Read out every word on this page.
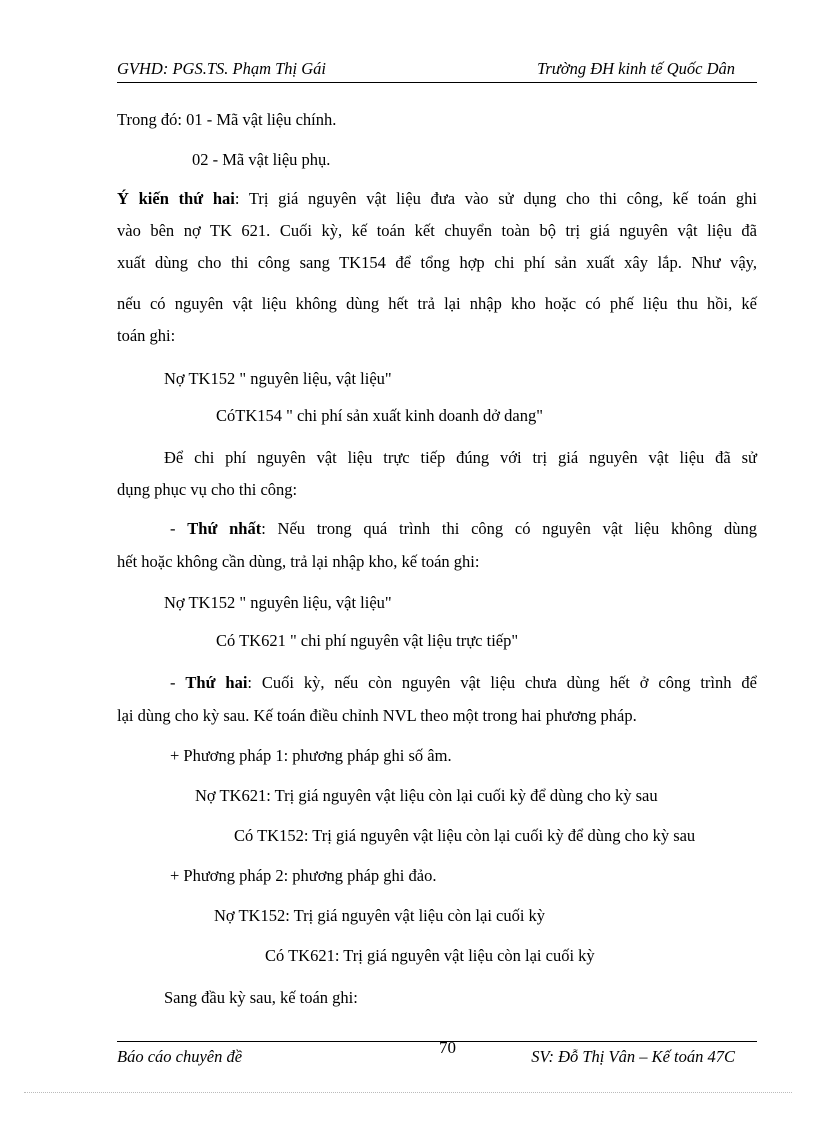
GVHD: PGS.TS. Phạm Thị Gái	Trường ĐH kinh tế Quốc Dân
Trong đó: 01 - Mã vật liệu chính.
02 - Mã vật liệu phụ.
Ý kiến thứ hai: Trị giá nguyên vật liệu đưa vào sử dụng cho thi công, kế toán ghi
vào bên nợ TK 621. Cuối kỳ, kế toán kết chuyển toàn bộ trị giá nguyên vật liệu đã
xuất dùng cho thi công sang TK154 để tổng hợp chi phí sản xuất xây lắp. Như vậy,
nếu có nguyên vật liệu không dùng hết trả lại nhập kho hoặc có phế liệu thu hồi, kế
toán ghi:
Nợ TK152 " nguyên liệu, vật liệu"
CóTK154 " chi phí sản xuất kinh doanh dở dang"
Để chi phí nguyên vật liệu trực tiếp đúng với trị giá nguyên vật liệu đã sử
dụng phục vụ cho thi công:
- Thứ nhất: Nếu trong quá trình thi công có nguyên vật liệu không dùng
hết hoặc không cần dùng, trả lại nhập kho, kế toán ghi:
Nợ TK152 " nguyên liệu, vật liệu"
Có TK621 " chi phí nguyên vật liệu trực tiếp"
- Thứ hai: Cuối kỳ, nếu còn nguyên vật liệu chưa dùng hết ở công trình để
lại dùng cho kỳ sau. Kế toán điều chỉnh NVL theo một trong hai phương pháp.
+ Phương pháp 1: phương pháp ghi số âm.
Nợ TK621: Trị giá nguyên vật liệu còn lại cuối kỳ để dùng cho kỳ sau
Có TK152: Trị giá nguyên vật liệu còn lại cuối kỳ để dùng cho kỳ sau
+ Phương pháp 2: phương pháp ghi đảo.
Nợ TK152: Trị giá nguyên vật liệu còn lại cuối kỳ
Có TK621: Trị giá nguyên vật liệu còn lại cuối kỳ
Sang đầu kỳ sau, kế toán ghi:
Báo cáo chuyên đề	70	SV: Đỗ Thị Vân – Kế toán 47C
